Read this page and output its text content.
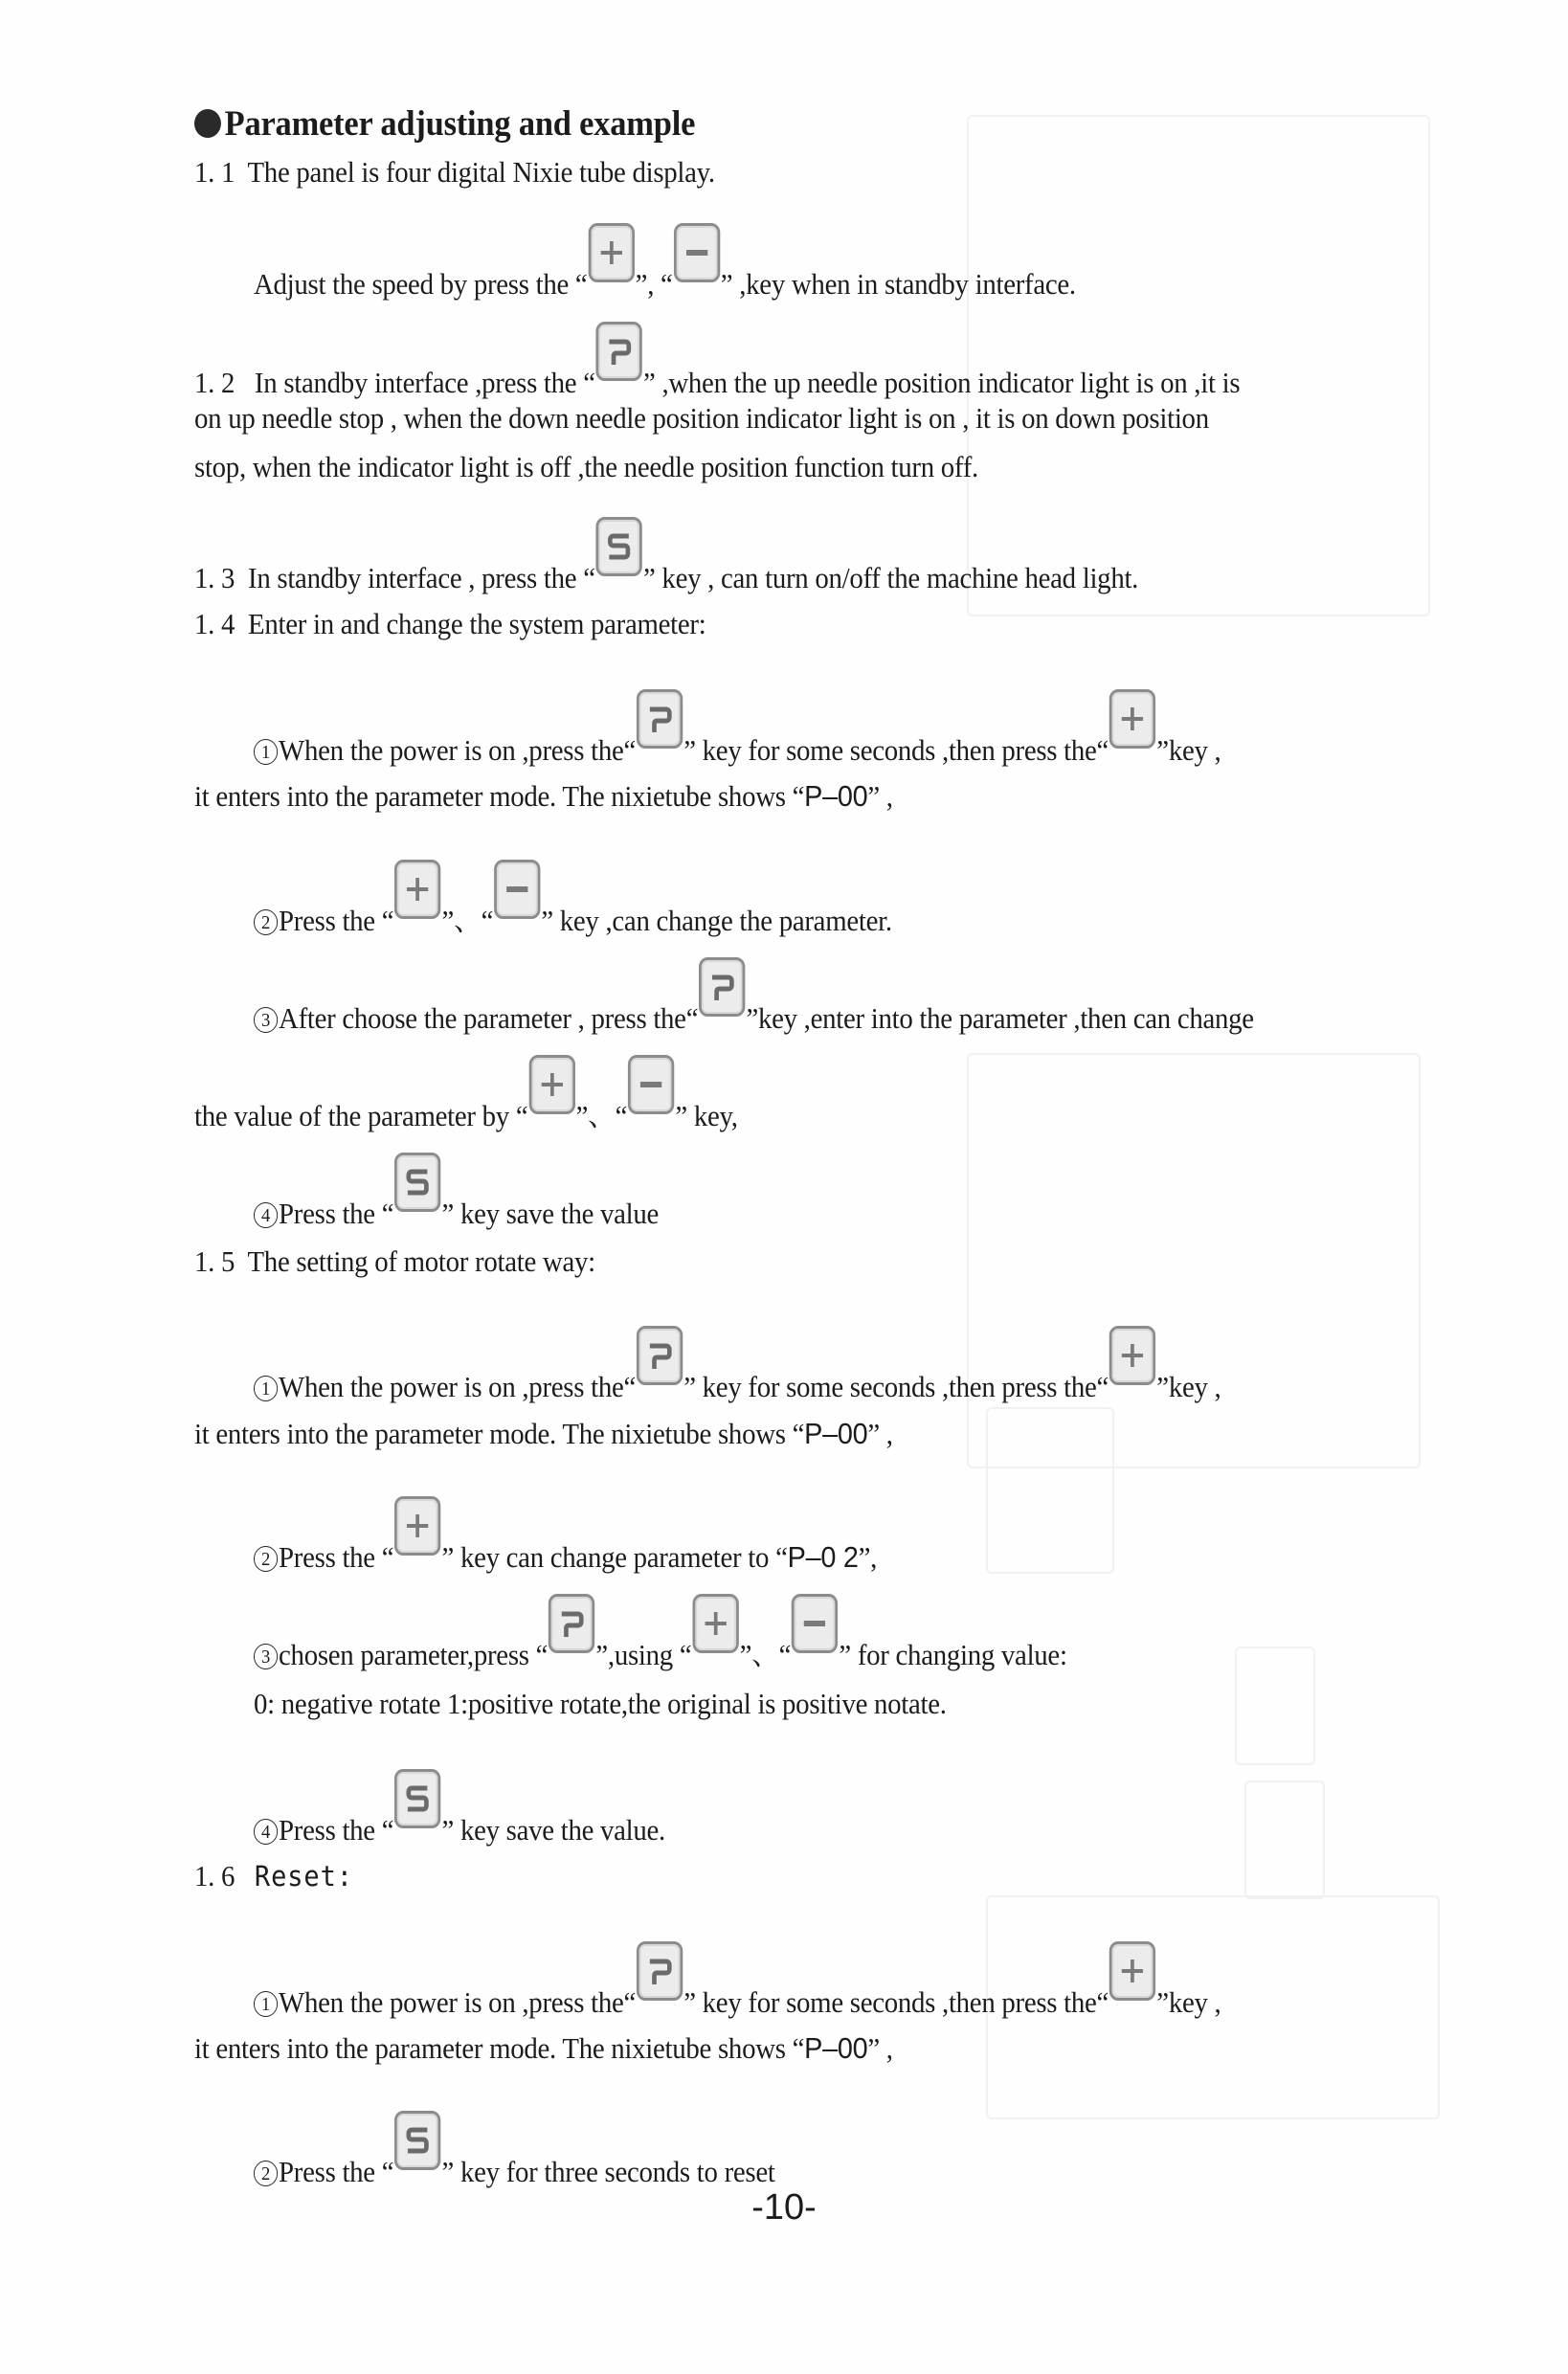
Parameter adjusting and example
1. 1 The panel is four digital Nixie tube display.
Adjust the speed by press the “ ”, “ ” ,key when in standby interface.
1. 2 In standby interface ,press the “ ” ,when the up needle position indicator light is on ,it is
on up needle stop , when the down needle position indicator light is on , it is on down position
stop, when the indicator light is off ,the needle position function turn off.
1. 3 In standby interface , press the “ ” key , can turn on/off the machine head light.
1. 4 Enter in and change the system parameter:
1 When the power is on ,press the“ ” key for some seconds ,then press the“ ”key ,
it enters into the parameter mode. The nixietube shows “P–00” ,
2 Press the “ ”、“ ” key ,can change the parameter.
3 After choose the parameter , press the“ ”key ,enter into the parameter ,then can change
the value of the parameter by “ ”、“ ” key,
4 Press the “ ” key save the value
1. 5 The setting of motor rotate way:
1 When the power is on ,press the“ ” key for some seconds ,then press the“ ”key ,
it enters into the parameter mode. The nixietube shows “P–00” ,
2 Press the “ ” key can change parameter to “P–0 2”,
3 chosen parameter,press “ ”,using “ ”、“ ” for changing value:
0: negative rotate 1:positive rotate,the original is positive notate.
4 Press the “ ” key save the value.
1. 6 Reset:
1 When the power is on ,press the“ ” key for some seconds ,then press the“ ”key ,
it enters into the parameter mode. The nixietube shows “P–00” ,
2 Press the “ ” key for three seconds to reset
-10-
